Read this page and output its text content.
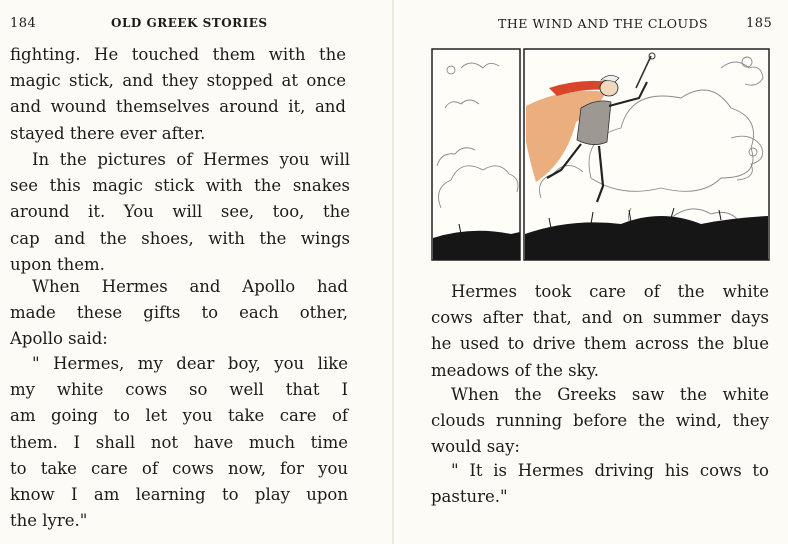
184	OLD GREEK STORIES

fighting. He touched them with the
magic stick, and they stopped at once
and wound themselves around it, and
stayed there ever after.

In the pictures of Hermes you will
see this magic stick with the snakes
around it. You will see, too, the
cap and the shoes, with the wings
upon them.

When Hermes and Apollo had
made these gifts to each other,
Apollo said:

" Hermes, my dear boy, you like
my white cows so well that I
am going to let you take care of
them. I shall not have much time
to take care of cows now, for you
know I am learning to play upon
the lyre."

THE WIND AND THE CLOUDS	185

Hermes took care of the white
cows after that, and on summer days
he used to drive them across the blue
meadows of the sky.

When the Greeks saw the white
clouds running before the wind, they
would say:

" It is Hermes driving his cows to
pasture."
